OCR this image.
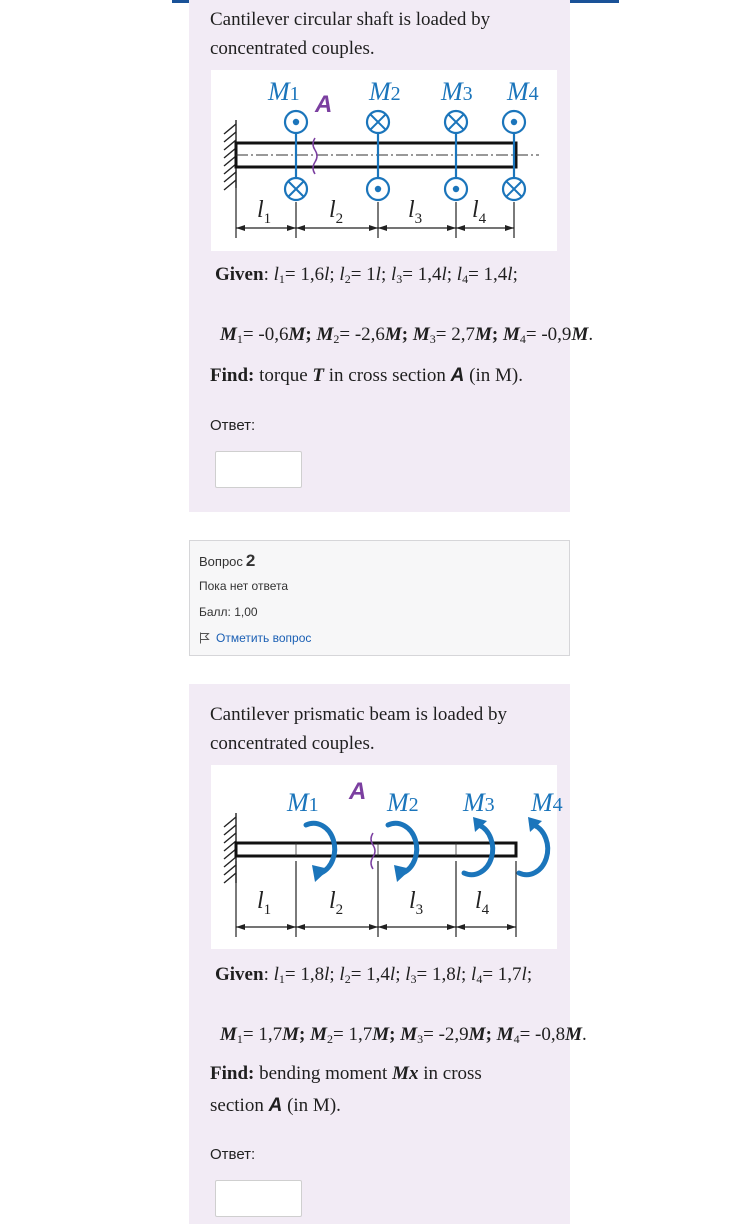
Cantilever circular shaft is loaded by concentrated couples.
A
M1	M2 M3 M4
$l_1$ $l_2$	$l_3$ $l_4$
Given: $l_1= 1,6l$; $l_2= 1l$; $l_3= 1,4l$; $l_4= 1,4l$;
$M_1= -0,6M$; $M_2= -2,6M$; $M_3= 2,7M$; $M_4= -0,9M$.
Find: torque T in cross section A (in M).
Ответ:
Вопрос 2
Пока нет ответа
Балл: 1,00
Отметить вопрос
Cantilever prismatic beam is loaded by concentrated couples.
A
M1	M2 M3 M4
$l_1$ $l_2$	$l_3$ $l_4$
Given: $l_1= 1,8l$; $l_2= 1,4l$; $l_3= 1,8l$; $l_4= 1,7l$;
$M_1= 1,7M$; $M_2= 1,7M$; $M_3= -2,9M$; $M_4= -0,8M$.
Find: bending moment Mx in cross section A (in M).
Ответ:
